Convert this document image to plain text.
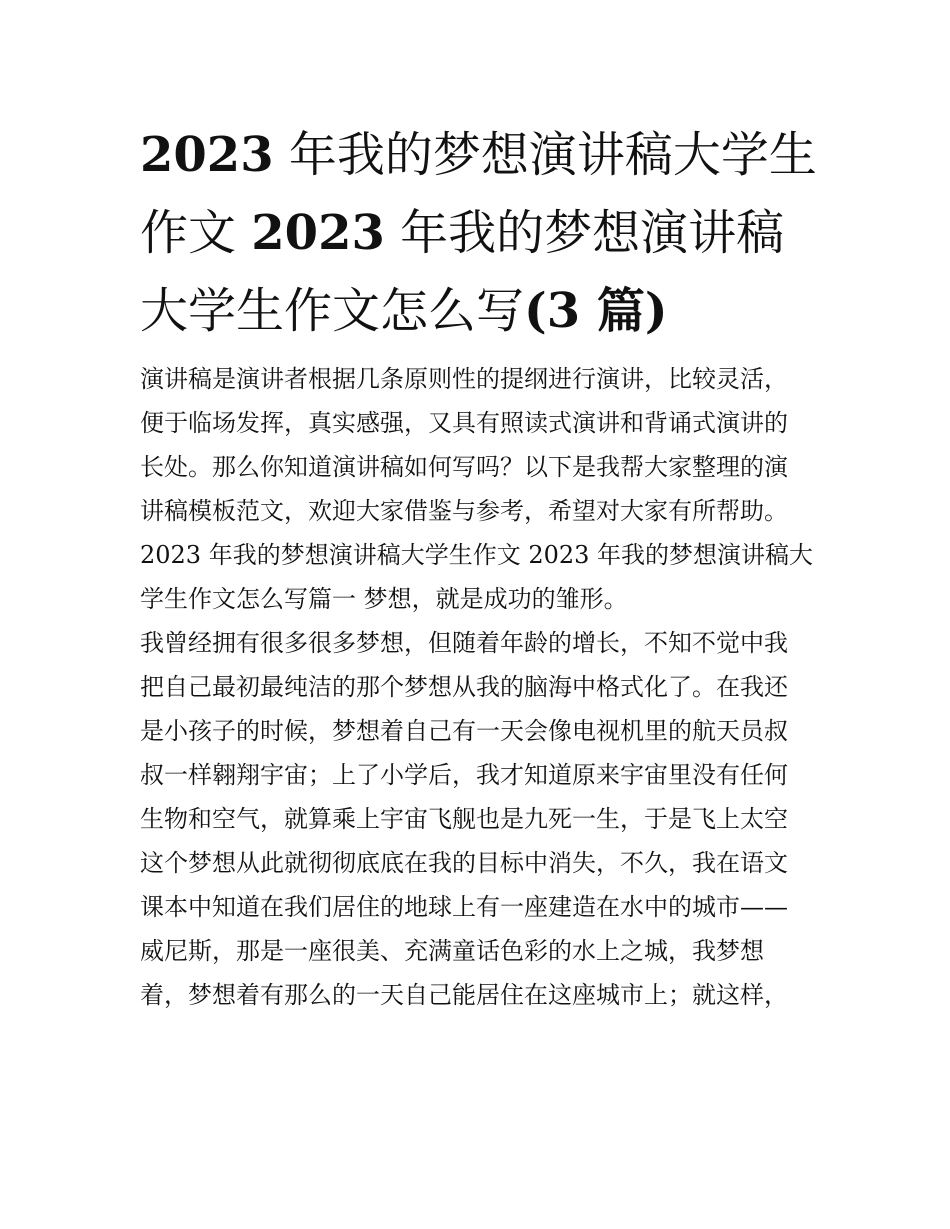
2023 年我的梦想演讲稿大学生
作文 2023 年我的梦想演讲稿
大学生作文怎么写(3 篇)
演讲稿是演讲者根据几条原则性的提纲进行演讲，比较灵活，
便于临场发挥，真实感强，又具有照读式演讲和背诵式演讲的
长处。那么你知道演讲稿如何写吗？以下是我帮大家整理的演
讲稿模板范文，欢迎大家借鉴与参考，希望对大家有所帮助。
2023 年我的梦想演讲稿大学生作文 2023 年我的梦想演讲稿大
学生作文怎么写篇一 梦想，就是成功的雏形。
我曾经拥有很多很多梦想，但随着年龄的增长，不知不觉中我
把自己最初最纯洁的那个梦想从我的脑海中格式化了。在我还
是小孩子的时候，梦想着自己有一天会像电视机里的航天员叔
叔一样翱翔宇宙；上了小学后，我才知道原来宇宙里没有任何
生物和空气，就算乘上宇宙飞舰也是九死一生，于是飞上太空
这个梦想从此就彻彻底底在我的目标中消失，不久，我在语文
课本中知道在我们居住的地球上有一座建造在水中的城市——
威尼斯，那是一座很美、充满童话色彩的水上之城，我梦想
着，梦想着有那么的一天自己能居住在这座城市上；就这样，
